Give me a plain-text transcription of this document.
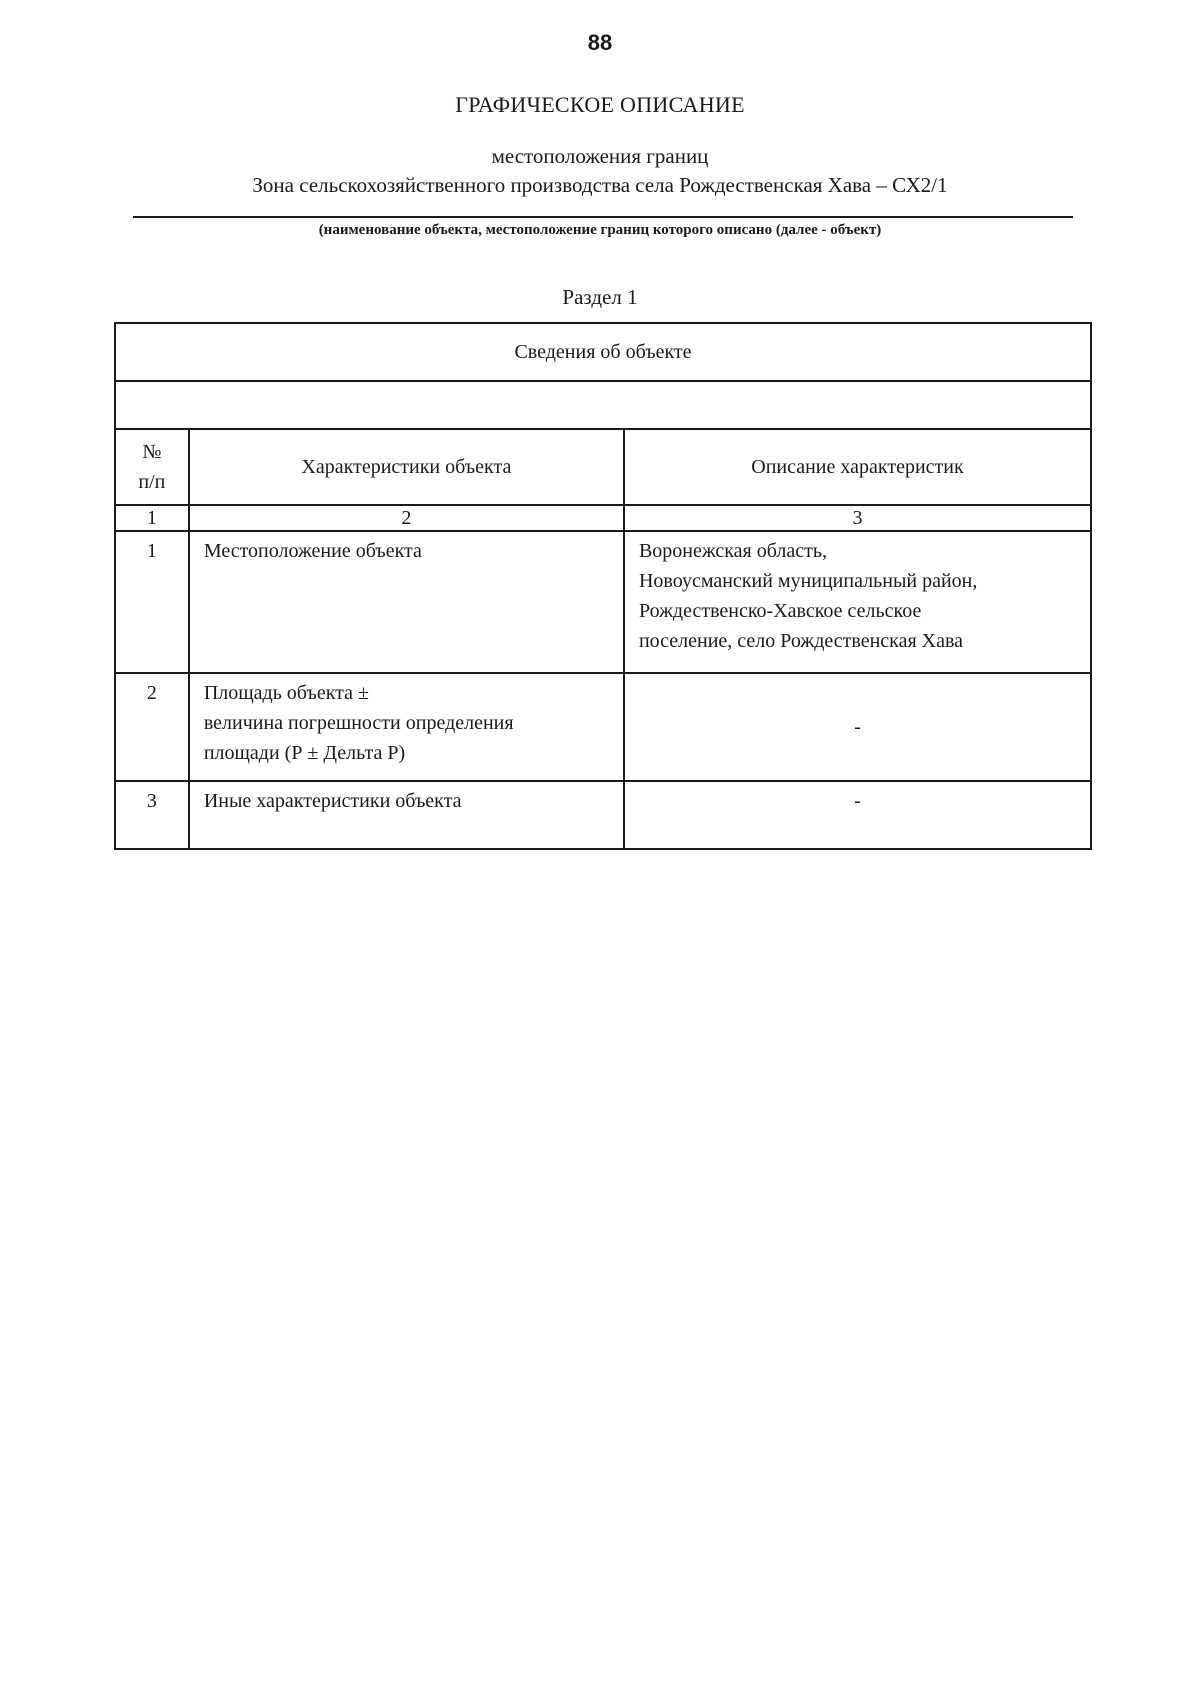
88
ГРАФИЧЕСКОЕ ОПИСАНИЕ
местоположения границ
Зона сельскохозяйственного производства села Рождественская Хава – СХ2/1
(наименование объекта, местоположение границ которого описано (далее - объект)
Раздел 1
Сведения об объекте		

№
п/п	Характеристики объекта	Описание характеристик
1	2	3
1	Местоположение объекта	Воронежская область,
Новоусманский муниципальный район,
Рождественско-Хавское сельское
поселение, село Рождественская Хава

2	Площадь объекта ±
величина погрешности определения
площади (Р ± Дельта Р)	-
3	Иные характеристики объекта	-
